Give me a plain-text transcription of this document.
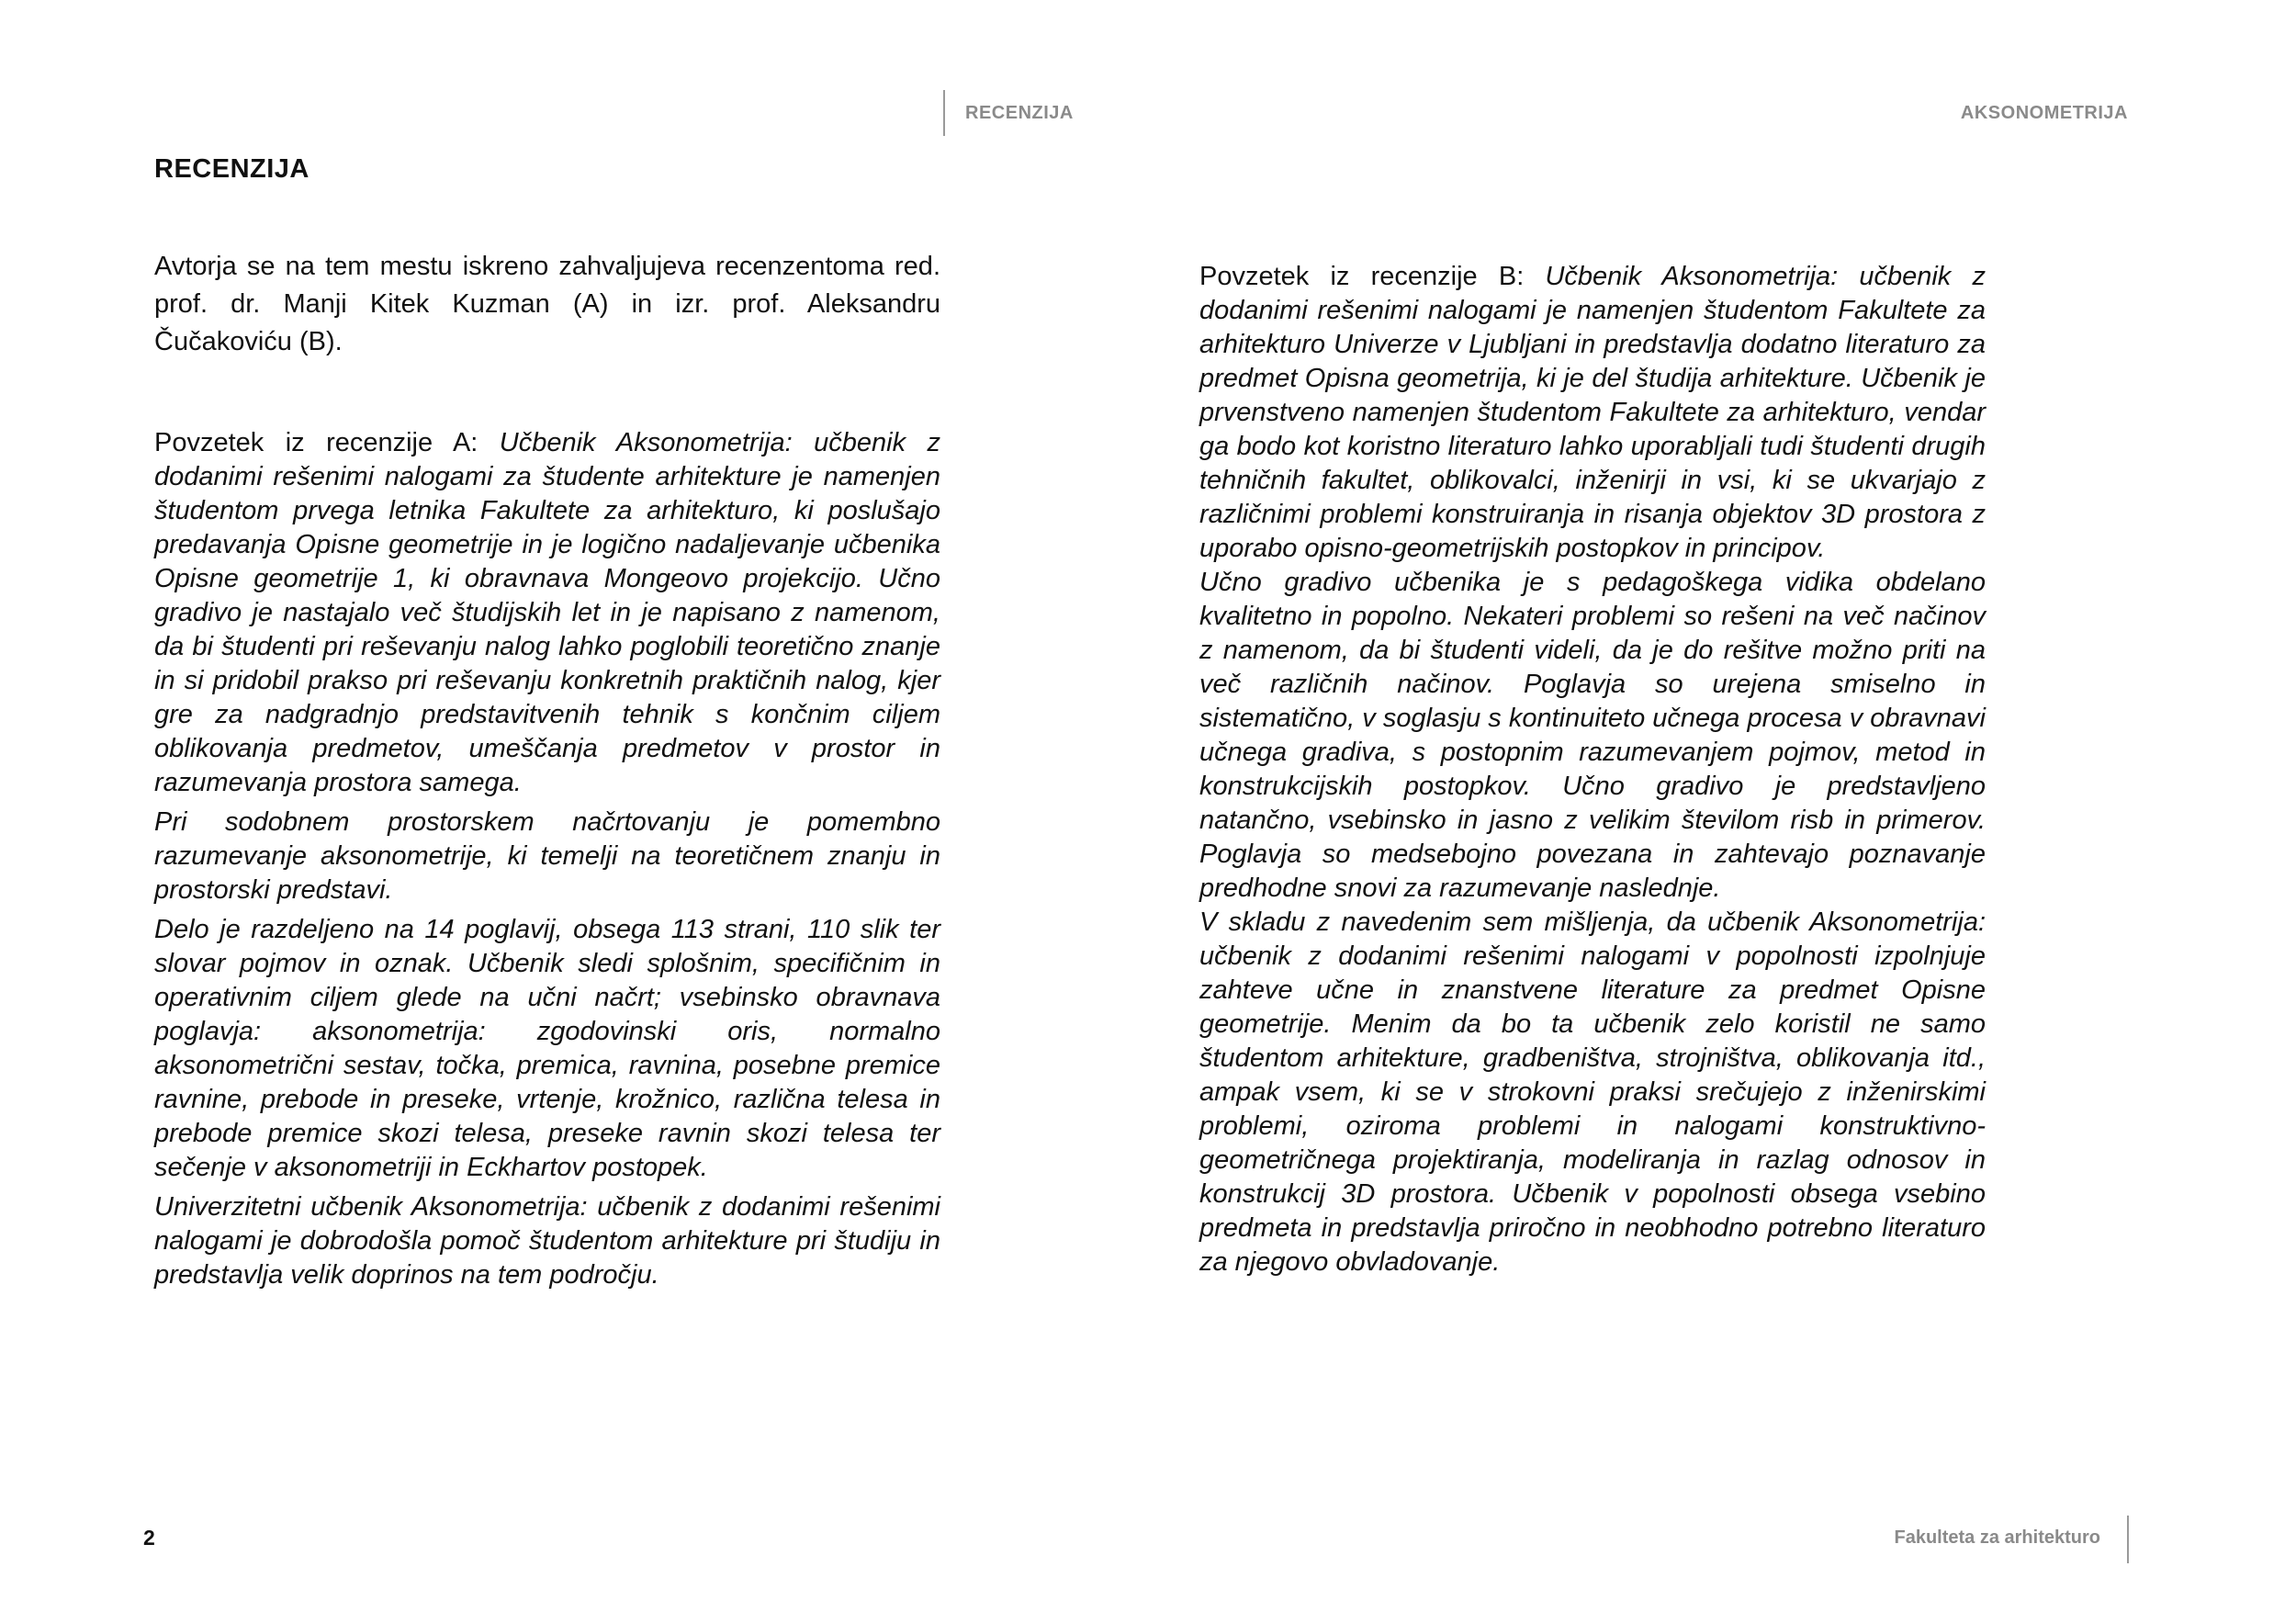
RECENZIJA	AKSONOMETRIJA
RECENZIJA

Avtorja se na tem mestu iskreno zahvaljujeva recenzentoma red. prof. dr. Manji Kitek Kuzman (A) in izr. prof. Aleksandru Čučakoviću (B).

Povzetek iz recenzije A: Učbenik Aksonometrija: učbenik z dodanimi rešenimi nalogami za študente arhitekture je namenjen študentom prvega letnika Fakultete za arhitekturo, ki poslušajo predavanja Opisne geometrije in je logično nadaljevanje učbenika Opisne geometrije 1, ki obravnava Mongeovo projekcijo. Učno gradivo je nastajalo več študijskih let in je napisano z namenom, da bi študenti pri reševanju nalog lahko poglobili teoretično znanje in si pridobil prakso pri reševanju konkretnih praktičnih nalog, kjer gre za nadgradnjo predstavitvenih tehnik s končnim ciljem oblikovanja predmetov, umeščanja predmetov v prostor in razumevanja prostora samega.

Pri sodobnem prostorskem načrtovanju je pomembno razumevanje aksonometrije, ki temelji na teoretičnem znanju in prostorski predstavi.

Delo je razdeljeno na 14 poglavij, obsega 113 strani, 110 slik ter slovar pojmov in oznak. Učbenik sledi splošnim, specifičnim in operativnim ciljem glede na učni načrt; vsebinsko obravnava poglavja: aksonometrija: zgodovinski oris, normalno aksonometrični sestav, točka, premica, ravnina, posebne premice ravnine, prebode in preseke, vrtenje, krožnico, različna telesa in prebode premice skozi telesa, preseke ravnin skozi telesa ter sečenje v aksonometriji in Eckhartov postopek.

Univerzitetni učbenik Aksonometrija: učbenik z dodanimi rešenimi nalogami je dobrodošla pomoč študentom arhitekture pri študiju in predstavlja velik doprinos na tem področju.

2

Povzetek iz recenzije B: Učbenik Aksonometrija: učbenik z dodanimi rešenimi nalogami je namenjen študentom Fakultete za arhitekturo Univerze v Ljubljani in predstavlja dodatno literaturo za predmet Opisna geometrija, ki je del študija arhitekture. Učbenik je prvenstveno namenjen študentom Fakultete za arhitekturo, vendar ga bodo kot koristno literaturo lahko uporabljali tudi študenti drugih tehničnih fakultet, oblikovalci, inženirji in vsi, ki se ukvarjajo z različnimi problemi konstruiranja in risanja objektov 3D prostora z uporabo opisno-geometrijskih postopkov in principov.

Učno gradivo učbenika je s pedagoškega vidika obdelano kvalitetno in popolno. Nekateri problemi so rešeni na več načinov z namenom, da bi študenti videli, da je do rešitve možno priti na več različnih načinov. Poglavja so urejena smiselno in sistematično, v soglasju s kontinuiteto učnega procesa v obravnavi učnega gradiva, s postopnim razumevanjem pojmov, metod in konstrukcijskih postopkov. Učno gradivo je predstavljeno natančno, vsebinsko in jasno z velikim številom risb in primerov. Poglavja so medsebojno povezana in zahtevajo poznavanje predhodne snovi za razumevanje naslednje.

V skladu z navedenim sem mišljenja, da učbenik Aksonometrija: učbenik z dodanimi rešenimi nalogami v popolnosti izpolnjuje zahteve učne in znanstvene literature za predmet Opisne geometrije. Menim da bo ta učbenik zelo koristil ne samo študentom arhitekture, gradbeništva, strojništva, oblikovanja itd., ampak vsem, ki se v strokovni praksi srečujejo z inženirskimi problemi, oziroma problemi in nalogami konstruktivno-geometričnega projektiranja, modeliranja in razlag odnosov in konstrukcij 3D prostora. Učbenik v popolnosti obsega vsebino predmeta in predstavlja priročno in neobhodno potrebno literaturo za njegovo obvladovanje.

Fakulteta za arhitekturo
